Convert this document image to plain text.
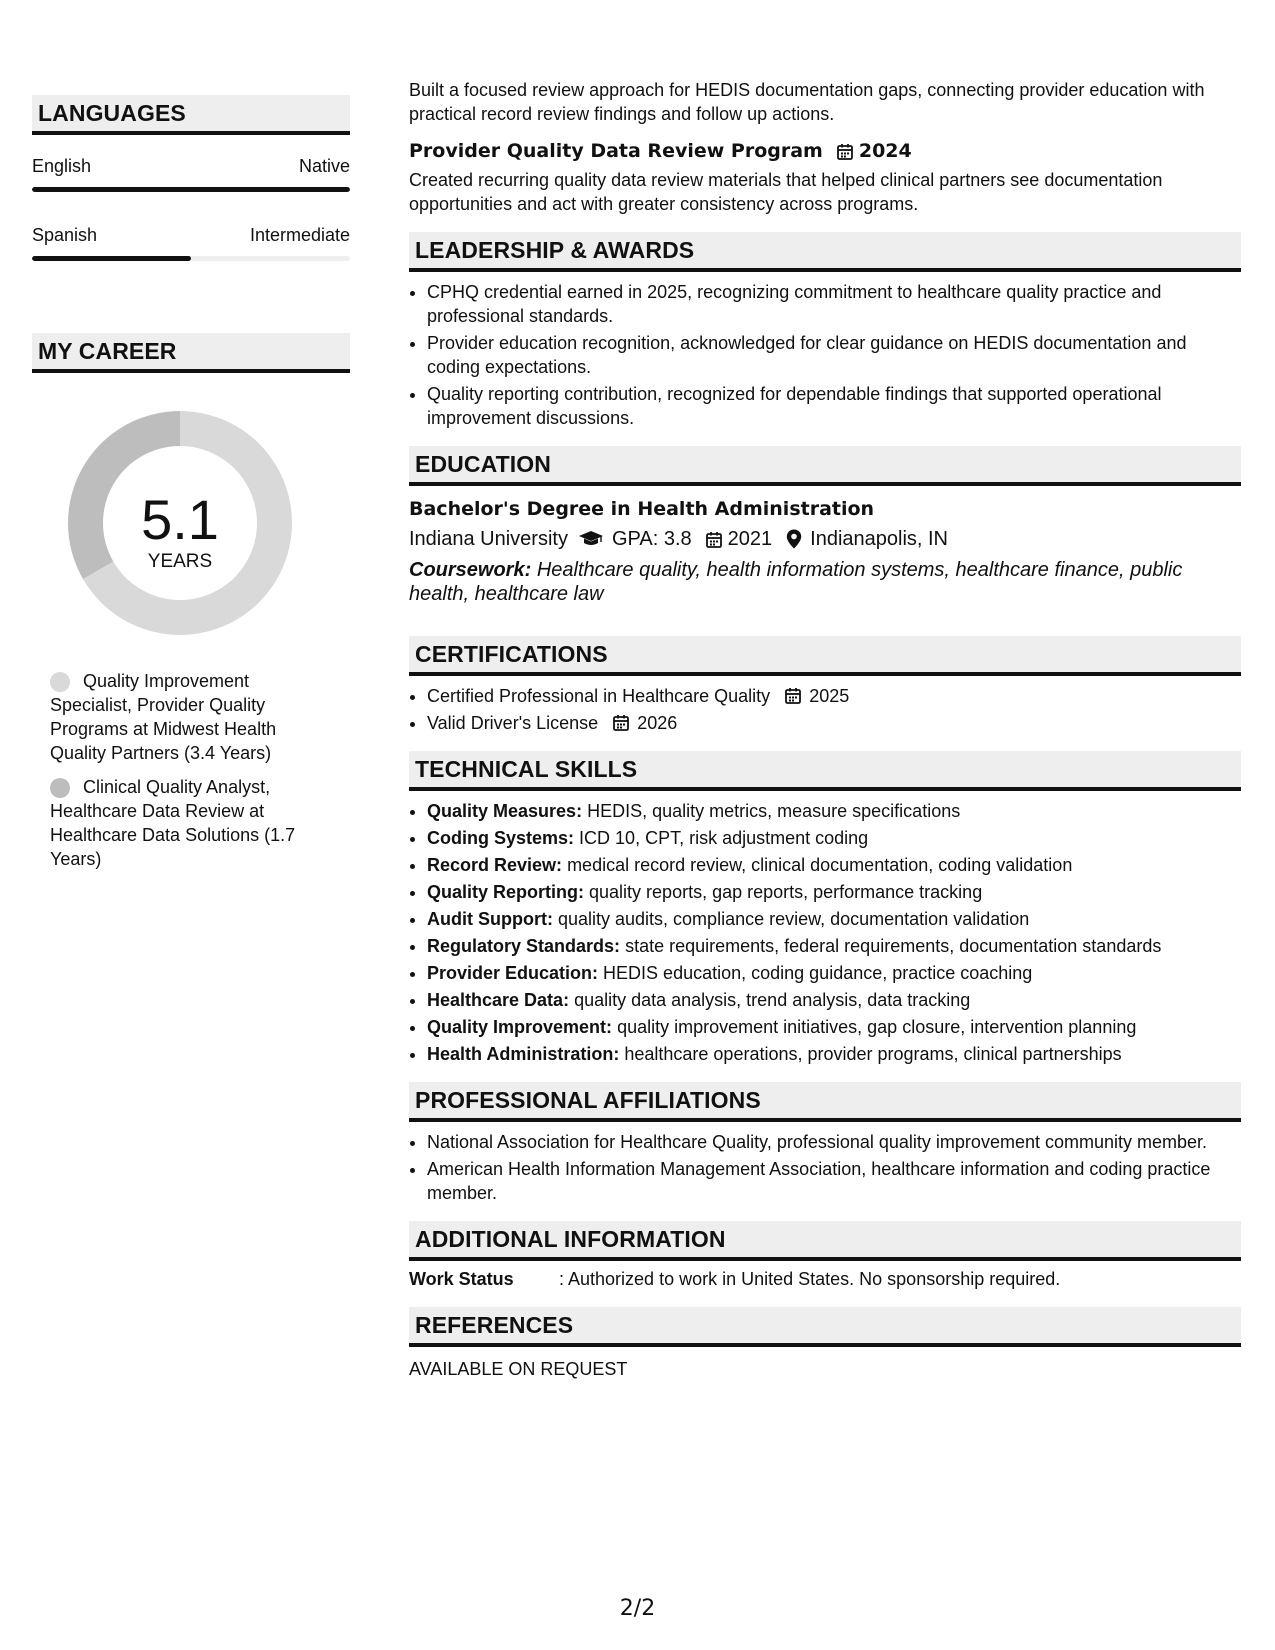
LANGUAGES
English	Native
Spanish	Intermediate
MY CAREER
5.1
YEARS
Quality Improvement Specialist, Provider Quality Programs at Midwest Health Quality Partners (3.4 Years)
Clinical Quality Analyst, Healthcare Data Review at Healthcare Data Solutions (1.7 Years)

Built a focused review approach for HEDIS documentation gaps, connecting provider education with practical record review findings and follow up actions.

Provider Quality Data Review Program 2024

Created recurring quality data review materials that helped clinical partners see documentation opportunities and act with greater consistency across programs.

LEADERSHIP & AWARDS
• CPHQ credential earned in 2025, recognizing commitment to healthcare quality practice and professional standards.
• Provider education recognition, acknowledged for clear guidance on HEDIS documentation and coding expectations.
• Quality reporting contribution, recognized for dependable findings that supported operational improvement discussions.
EDUCATION
Bachelor's Degree in Health Administration
Indiana University GPA: 3.8 2021 Indianapolis, IN
Coursework: Healthcare quality, health information systems, healthcare finance, public health, healthcare law
CERTIFICATIONS
• Certified Professional in Healthcare Quality 2025
• Valid Driver's License 2026
TECHNICAL SKILLS
• Quality Measures: HEDIS, quality metrics, measure specifications
• Coding Systems: ICD 10, CPT, risk adjustment coding
• Record Review: medical record review, clinical documentation, coding validation
• Quality Reporting: quality reports, gap reports, performance tracking
• Audit Support: quality audits, compliance review, documentation validation
• Regulatory Standards: state requirements, federal requirements, documentation standards
• Provider Education: HEDIS education, coding guidance, practice coaching
• Healthcare Data: quality data analysis, trend analysis, data tracking
• Quality Improvement: quality improvement initiatives, gap closure, intervention planning
• Health Administration: healthcare operations, provider programs, clinical partnerships
PROFESSIONAL AFFILIATIONS
• National Association for Healthcare Quality, professional quality improvement community member.
• American Health Information Management Association, healthcare information and coding practice member.
ADDITIONAL INFORMATION
Work Status	: Authorized to work in United States. No sponsorship required.
REFERENCES

AVAILABLE ON REQUEST

2/2
